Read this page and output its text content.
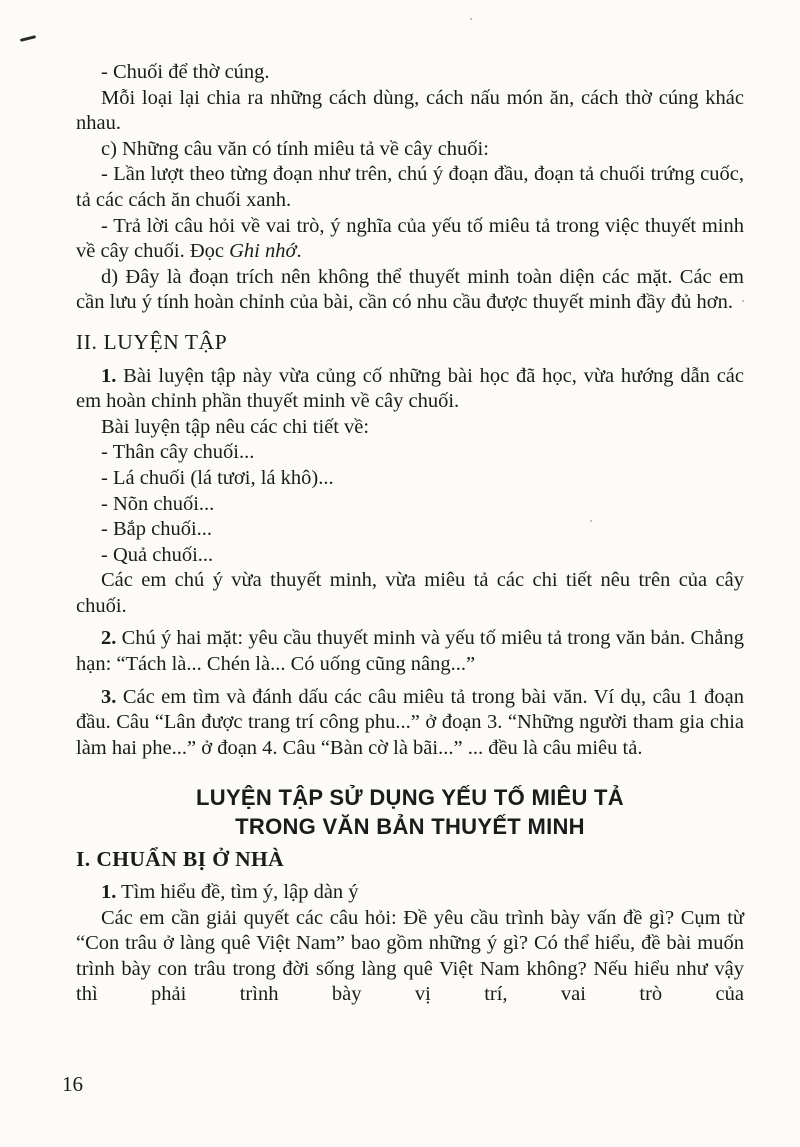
- Chuối để thờ cúng.

Mỗi loại lại chia ra những cách dùng, cách nấu món ăn, cách thờ cúng khác nhau.

c) Những câu văn có tính miêu tả về cây chuối:

- Lần lượt theo từng đoạn như trên, chú ý đoạn đầu, đoạn tả chuối trứng cuốc, tả các cách ăn chuối xanh.

- Trả lời câu hỏi về vai trò, ý nghĩa của yếu tố miêu tả trong việc thuyết minh về cây chuối. Đọc Ghi nhớ.

d) Đây là đoạn trích nên không thể thuyết minh toàn diện các mặt. Các em cần lưu ý tính hoàn chỉnh của bài, cần có nhu cầu được thuyết minh đầy đủ hơn.

II. LUYỆN TẬP

1. Bài luyện tập này vừa củng cố những bài học đã học, vừa hướng dẫn các em hoàn chỉnh phần thuyết minh về cây chuối.

Bài luyện tập nêu các chi tiết về:

- Thân cây chuối...

- Lá chuối (lá tươi, lá khô)...

- Nõn chuối...

- Bắp chuối...

- Quả chuối...

Các em chú ý vừa thuyết minh, vừa miêu tả các chi tiết nêu trên của cây chuối.

2. Chú ý hai mặt: yêu cầu thuyết minh và yếu tố miêu tả trong văn bản. Chẳng hạn: “Tách là... Chén là... Có uống cũng nâng...”

3. Các em tìm và đánh dấu các câu miêu tả trong bài văn. Ví dụ, câu 1 đoạn đầu. Câu “Lân được trang trí công phu...” ở đoạn 3. “Những người tham gia chia làm hai phe...” ở đoạn 4. Câu “Bàn cờ là bãi...” ... đều là câu miêu tả.

LUYỆN TẬP SỬ DỤNG YẾU TỐ MIÊU TẢ
TRONG VĂN BẢN THUYẾT MINH
I. CHUẨN BỊ Ở NHÀ

1. Tìm hiểu đề, tìm ý, lập dàn ý

Các em cần giải quyết các câu hỏi: Đề yêu cầu trình bày vấn đề gì? Cụm từ “Con trâu ở làng quê Việt Nam” bao gồm những ý gì? Có thể hiểu, đề bài muốn trình bày con trâu trong đời sống làng quê Việt Nam không? Nếu hiểu như vậy thì phải trình bày vị trí, vai trò của

16
